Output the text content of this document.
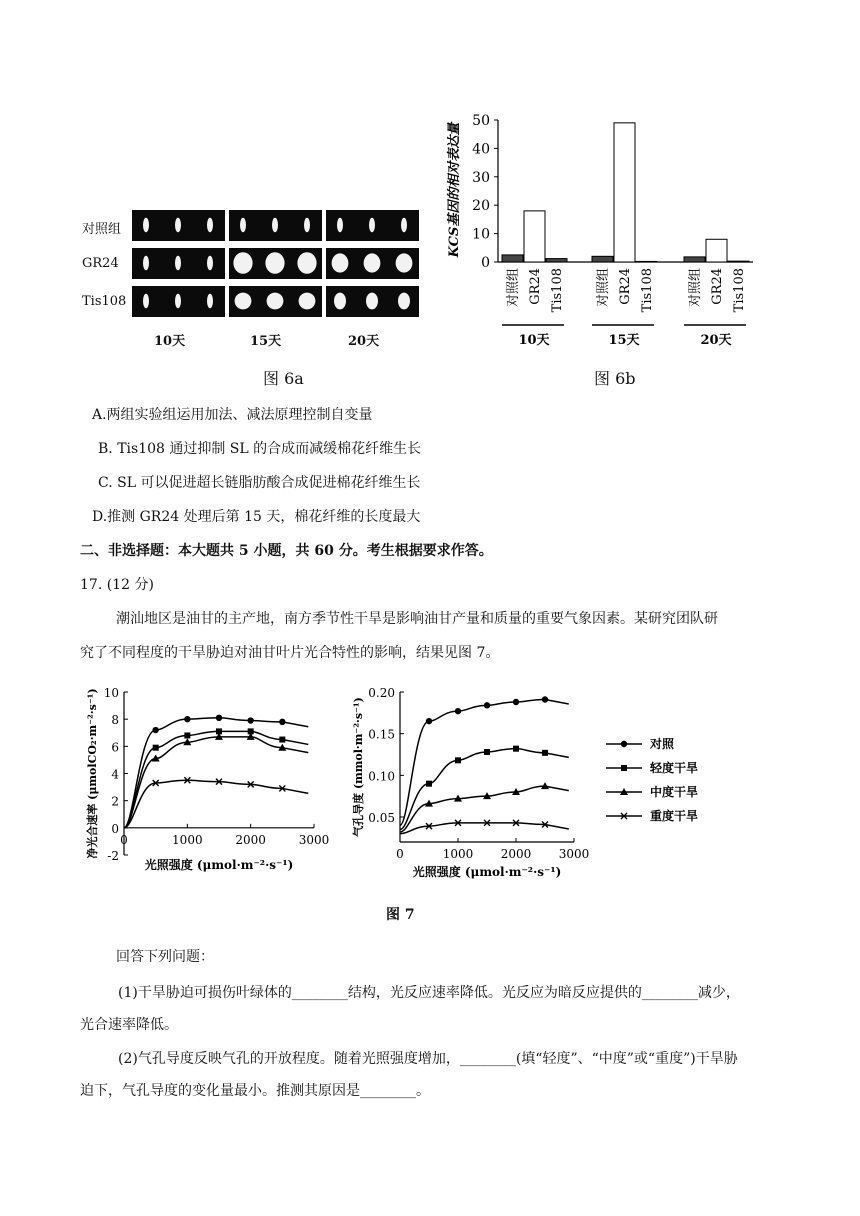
对照组
GR24
Tis108
10天	15天	20天
图 6a
0
10
20
30
40
50
KCS基因的相对表达量
对照组 GR24 Tis108
10天
对照组 GR24 Tis108
15天
对照组 GR24 Tis108
20天
图 6b
A.两组实验组运用加法、减法原理控制自变量
B. Tis108 通过抑制 SL 的合成而减缓棉花纤维生长
C. SL 可以促进超长链脂肪酸合成促进棉花纤维生长
D.推测 GR24 处理后第 15 天，棉花纤维的长度最大
二、非选择题：本大题共 5 小题，共 60 分。考生根据要求作答。
17. (12 分)
潮汕地区是油甘的主产地，南方季节性干旱是影响油甘产量和质量的重要气象因素。某研究团队研
究了不同程度的干旱胁迫对油甘叶片光合特性的影响，结果见图 7。
-2
0
2
4
6
8
10
0	1000	2000	3000
光照强度 (μmol·m⁻²·s⁻¹)
净光合速率 (μmolCO₂·m⁻²·s⁻¹)	0.05
0.10
0.15
0.20
0	1000 2000 3000
光照强度 (μmol·m⁻²·s⁻¹)
气孔导度 (mmol·m⁻²·s⁻¹)	对照
轻度干旱
中度干旱
重度干旱
图 7
回答下列问题：
(1)干旱胁迫可损伤叶绿体的________结构，光反应速率降低。光反应为暗反应提供的________减少，
光合速率降低。
(2)气孔导度反映气孔的开放程度。随着光照强度增加，________(填“轻度”、“中度”或“重度”)干旱胁
迫下，气孔导度的变化量最小。推测其原因是________。
